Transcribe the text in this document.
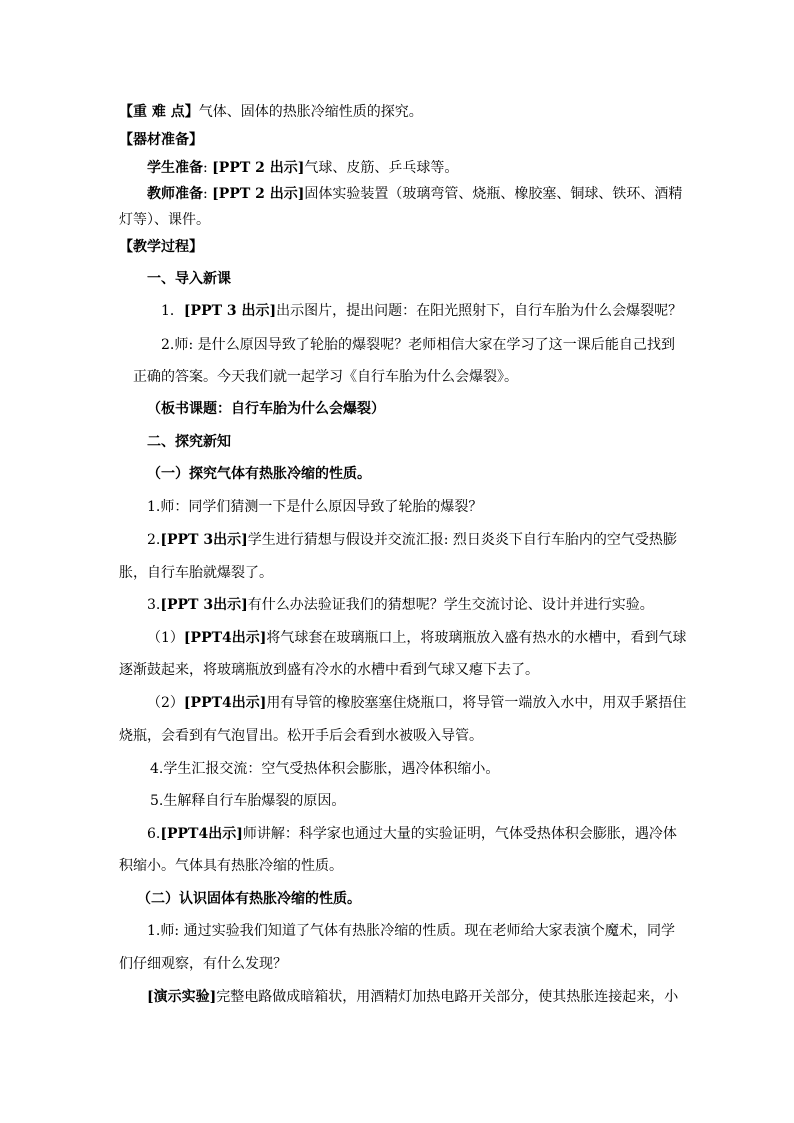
【重 难 点】气体、固体的热胀冷缩性质的探究。
【器材准备】
学生准备: [PPT 2 出示]气球、皮筋、乒乓球等。
教师准备: [PPT 2 出示]固体实验装置（玻璃弯管、烧瓶、橡胶塞、铜球、铁环、酒精
灯等）、课件。
【教学过程】
一、导入新课
1．[PPT 3 出示]出示图片，提出问题：在阳光照射下，自行车胎为什么会爆裂呢？
2.师: 是什么原因导致了轮胎的爆裂呢？老师相信大家在学习了这一课后能自己找到
正确的答案。今天我们就一起学习《自行车胎为什么会爆裂》。
（板书课题：自行车胎为什么会爆裂）
二、探究新知
（一）探究气体有热胀冷缩的性质。
1.师：同学们猜测一下是什么原因导致了轮胎的爆裂？
2.[PPT 3出示]学生进行猜想与假设并交流汇报: 烈日炎炎下自行车胎内的空气受热膨
胀，自行车胎就爆裂了。
3.[PPT 3出示]有什么办法验证我们的猜想呢？学生交流讨论、设计并进行实验。
（1）[PPT4出示]将气球套在玻璃瓶口上，将玻璃瓶放入盛有热水的水槽中，看到气球
逐渐鼓起来，将玻璃瓶放到盛有冷水的水槽中看到气球又瘪下去了。
（2）[PPT4出示]用有导管的橡胶塞塞住烧瓶口，将导管一端放入水中，用双手紧捂住
烧瓶，会看到有气泡冒出。松开手后会看到水被吸入导管。
4.学生汇报交流：空气受热体积会膨胀，遇冷体积缩小。
5.生解释自行车胎爆裂的原因。
6.[PPT4出示]师讲解：科学家也通过大量的实验证明，气体受热体积会膨胀，遇冷体
积缩小。气体具有热胀冷缩的性质。
（二）认识固体有热胀冷缩的性质。
1.师: 通过实验我们知道了气体有热胀冷缩的性质。现在老师给大家表演个魔术，同学
们仔细观察，有什么发现？
[演示实验]完整电路做成暗箱状，用酒精灯加热电路开关部分，使其热胀连接起来，小
